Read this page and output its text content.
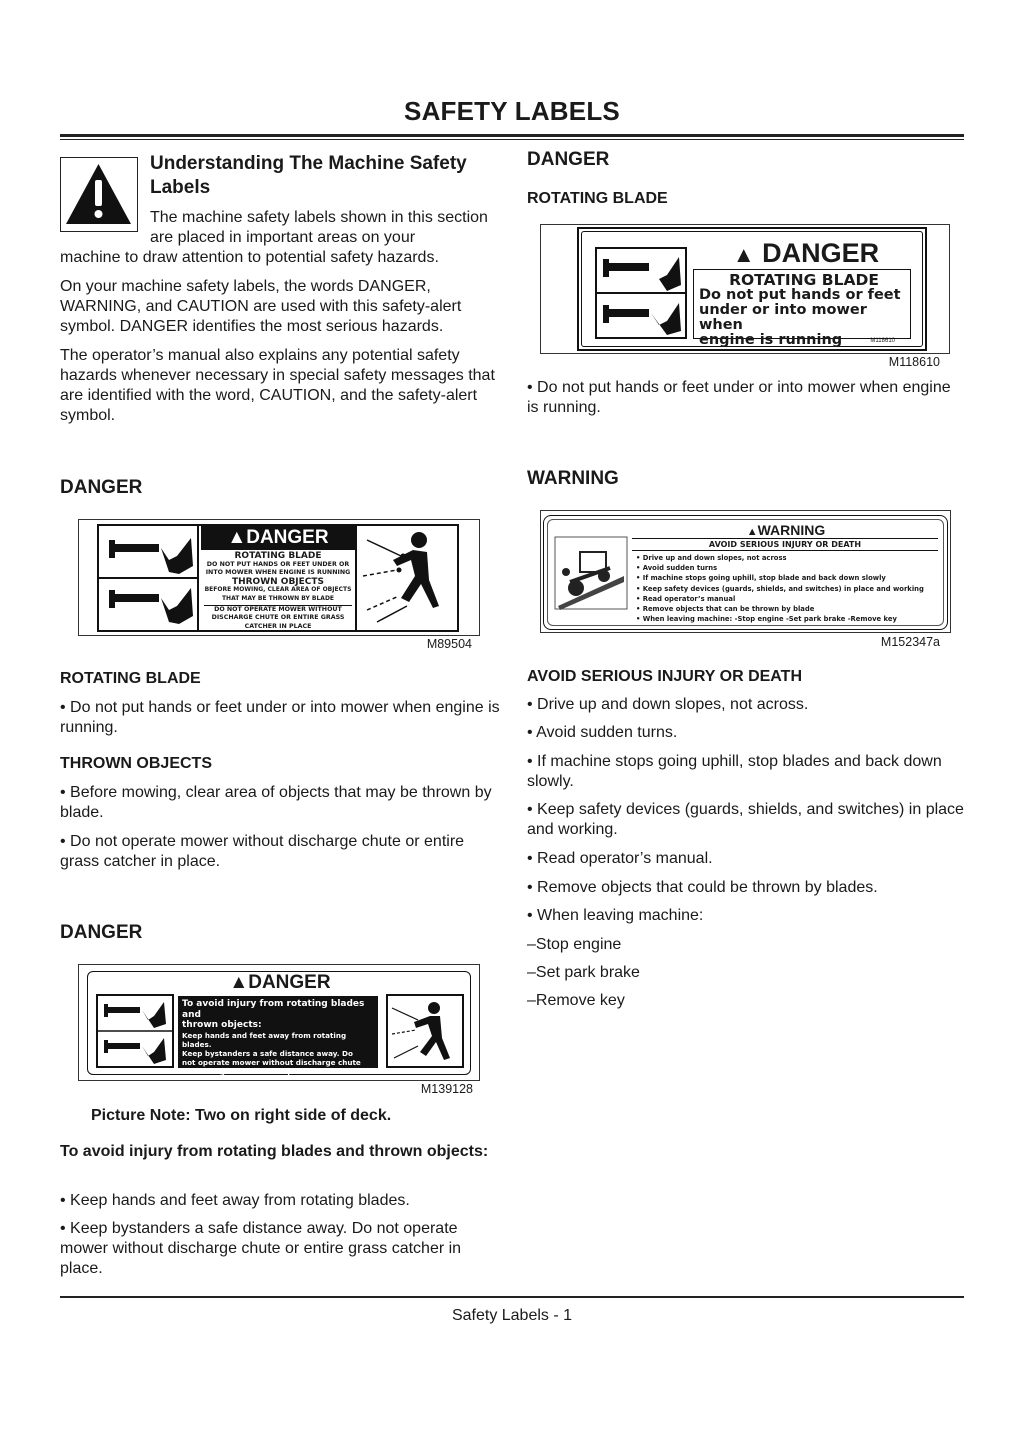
SAFETY LABELS
Understanding The Machine Safety Labels
The machine safety labels shown in this section are placed in important areas on your
machine to draw attention to potential safety hazards.
On your machine safety labels, the words DANGER, WARNING, and CAUTION are used with this safety-alert symbol. DANGER identifies the most serious hazards.
The operator’s manual also explains any potential safety hazards whenever necessary in special safety messages that are identified with the word, CAUTION, and the safety-alert symbol.
DANGER
▲DANGER
ROTATING BLADE
DO NOT PUT HANDS OR FEET UNDER OR
INTO MOWER WHEN ENGINE IS RUNNING
THROWN OBJECTS
BEFORE MOWING, CLEAR AREA OF OBJECTS
THAT MAY BE THROWN BY BLADE
DO NOT OPERATE MOWER WITHOUT
DISCHARGE CHUTE OR ENTIRE GRASS
CATCHER IN PLACE
M89504
ROTATING BLADE
• Do not put hands or feet under or into mower when engine is running.
THROWN OBJECTS
• Before mowing, clear area of objects that may be thrown by blade.
• Do not operate mower without discharge chute or entire grass catcher in place.
DANGER
▲DANGER
To avoid injury from rotating blades and
thrown objects:
Keep hands and feet away from rotating blades.
Keep bystanders a safe distance away. Do
not operate mower without discharge chute
or entire grass catcher in place.
M139128
Picture Note: Two on right side of deck.
To avoid injury from rotating blades and thrown objects:
• Keep hands and feet away from rotating blades.
• Keep bystanders a safe distance away. Do not operate mower without discharge chute or entire grass catcher in place.
DANGER
ROTATING BLADE
▲ DANGER
ROTATING BLADE
Do not put hands or feet
under or into mower when
engine is running	M118610
M118610
• Do not put hands or feet under or into mower when engine is running.
WARNING
▲WARNING
AVOID SERIOUS INJURY OR DEATH
• Drive up and down slopes, not across
• Avoid sudden turns
• If machine stops going uphill, stop blade and back down slowly
• Keep safety devices (guards, shields, and switches) in place and working
• Read operator’s manual
• Remove objects that can be thrown by blade
• When leaving machine: -Stop engine -Set park brake -Remove key
M152347a
AVOID SERIOUS INJURY OR DEATH
• Drive up and down slopes, not across.
• Avoid sudden turns.
• If machine stops going uphill, stop blades and back down slowly.
• Keep safety devices (guards, shields, and switches) in place and working.
• Read operator’s manual.
• Remove objects that could be thrown by blades.
• When leaving machine:
–Stop engine
–Set park brake
–Remove key
Safety Labels - 1
